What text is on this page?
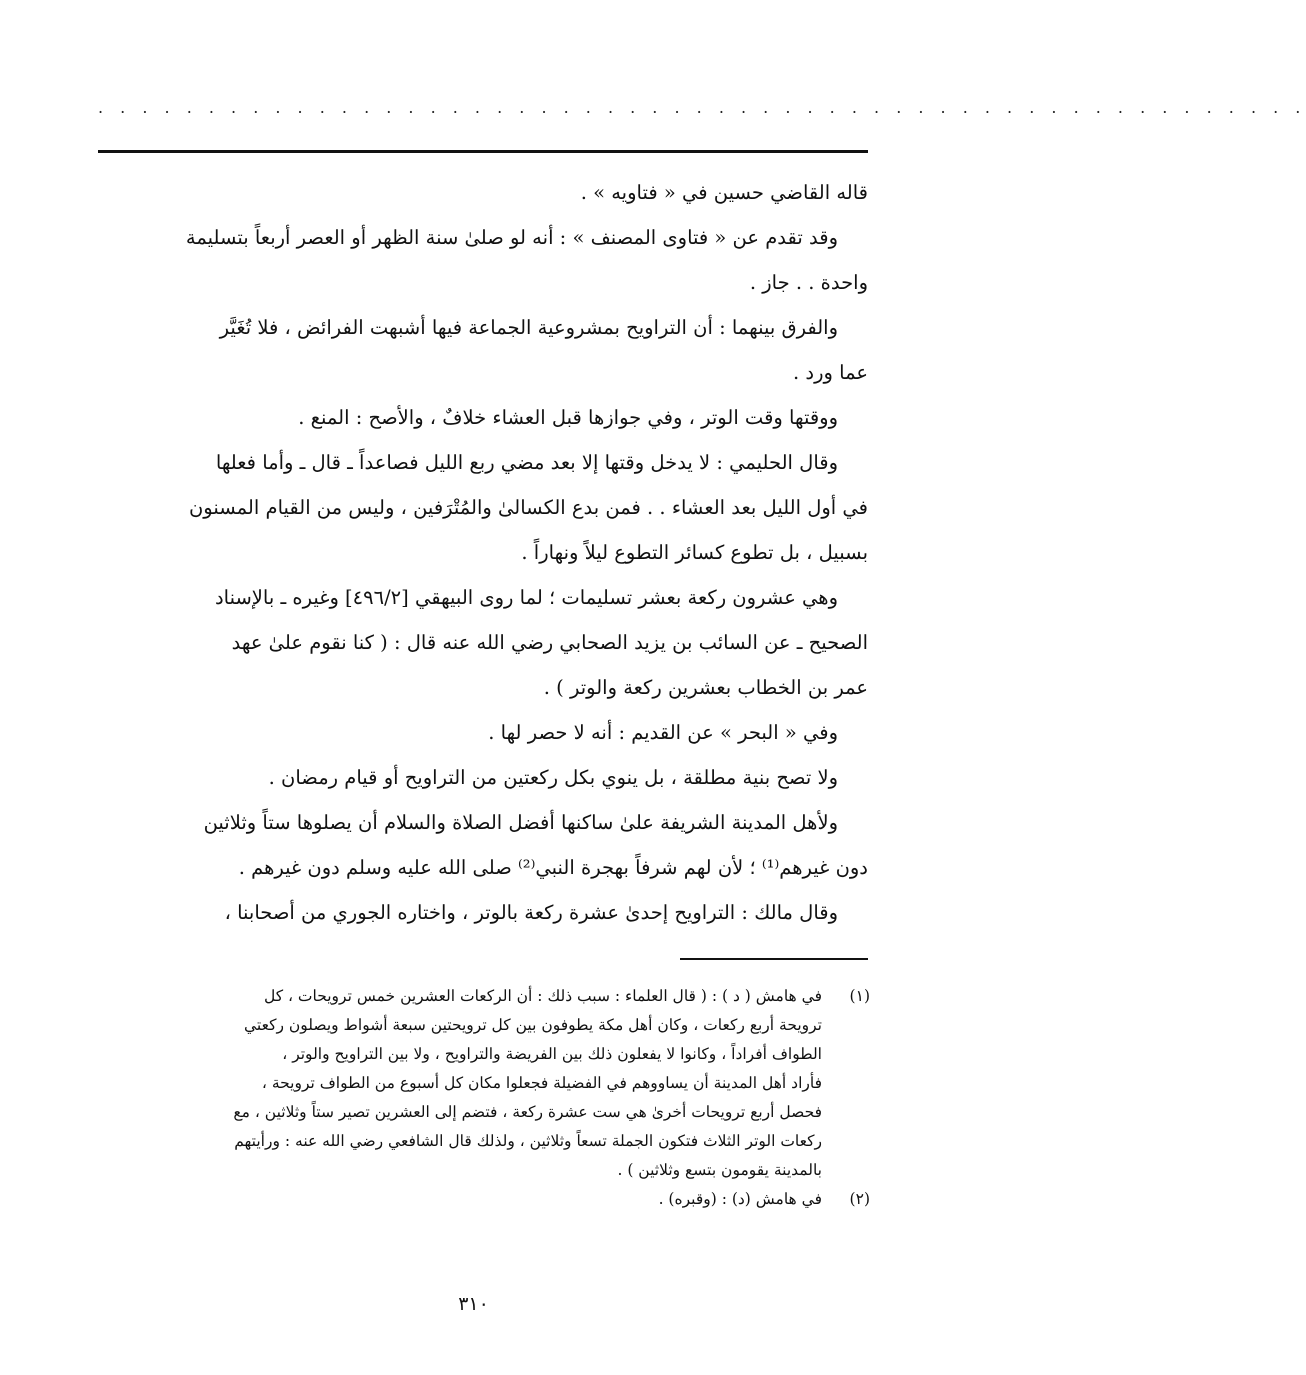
. . . . . . . . . . . . . . . . . . . . . . . . . . . . . . . . . . . . . . . . . . . . . . . . . . . . . . .
قاله القاضي حسين في « فتاويه » .
وقد تقدم عن « فتاوى المصنف » : أنه لو صلىٰ سنة الظهر أو العصر أربعاً بتسليمة
واحدة . . جاز .
والفرق بينهما : أن التراويح بمشروعية الجماعة فيها أشبهت الفرائض ، فلا تُغَيَّر
عما ورد .
ووقتها وقت الوتر ، وفي جوازها قبل العشاء خلافٌ ، والأصح : المنع .
وقال الحليمي : لا يدخل وقتها إلا بعد مضي ربع الليل فصاعداً ـ قال ـ وأما فعلها
في أول الليل بعد العشاء . . فمن بدع الكسالىٰ والمُتْرَفين ، وليس من القيام المسنون
بسبيل ، بل تطوع كسائر التطوع ليلاً ونهاراً .
وهي عشرون ركعة بعشر تسليمات ؛ لما روى البيهقي [٤٩٦/٢] وغيره ـ بالإسناد
الصحيح ـ عن السائب بن يزيد الصحابي رضي الله عنه قال : ( كنا نقوم علىٰ عهد
عمر بن الخطاب بعشرين ركعة والوتر ) .
وفي « البحر » عن القديم : أنه لا حصر لها .
ولا تصح بنية مطلقة ، بل ينوي بكل ركعتين من التراويح أو قيام رمضان .
ولأهل المدينة الشريفة علىٰ ساكنها أفضل الصلاة والسلام أن يصلوها ستاً وثلاثين
دون غيرهم⁽¹⁾ ؛ لأن لهم شرفاً بهجرة النبي⁽²⁾ صلى الله عليه وسلم دون غيرهم .
وقال مالك : التراويح إحدىٰ عشرة ركعة بالوتر ، واختاره الجوري من أصحابنا ،
(١)
في هامش ( د ) : ( قال العلماء : سبب ذلك : أن الركعات العشرين خمس ترويحات ، كل
ترويحة أربع ركعات ، وكان أهل مكة يطوفون بين كل ترويحتين سبعة أشواط ويصلون ركعتي
الطواف أفراداً ، وكانوا لا يفعلون ذلك بين الفريضة والتراويح ، ولا بين التراويح والوتر ،
فأراد أهل المدينة أن يساووهم في الفضيلة فجعلوا مكان كل أسبوع من الطواف ترويحة ،
فحصل أربع ترويحات أخرىٰ هي ست عشرة ركعة ، فتضم إلى العشرين تصير ستاً وثلاثين ، مع
ركعات الوتر الثلاث فتكون الجملة تسعاً وثلاثين ، ولذلك قال الشافعي رضي الله عنه : ورأيتهم
بالمدينة يقومون بتسع وثلاثين ) .
(٢)
في هامش (د) : (وقبره) .
٣١٠
